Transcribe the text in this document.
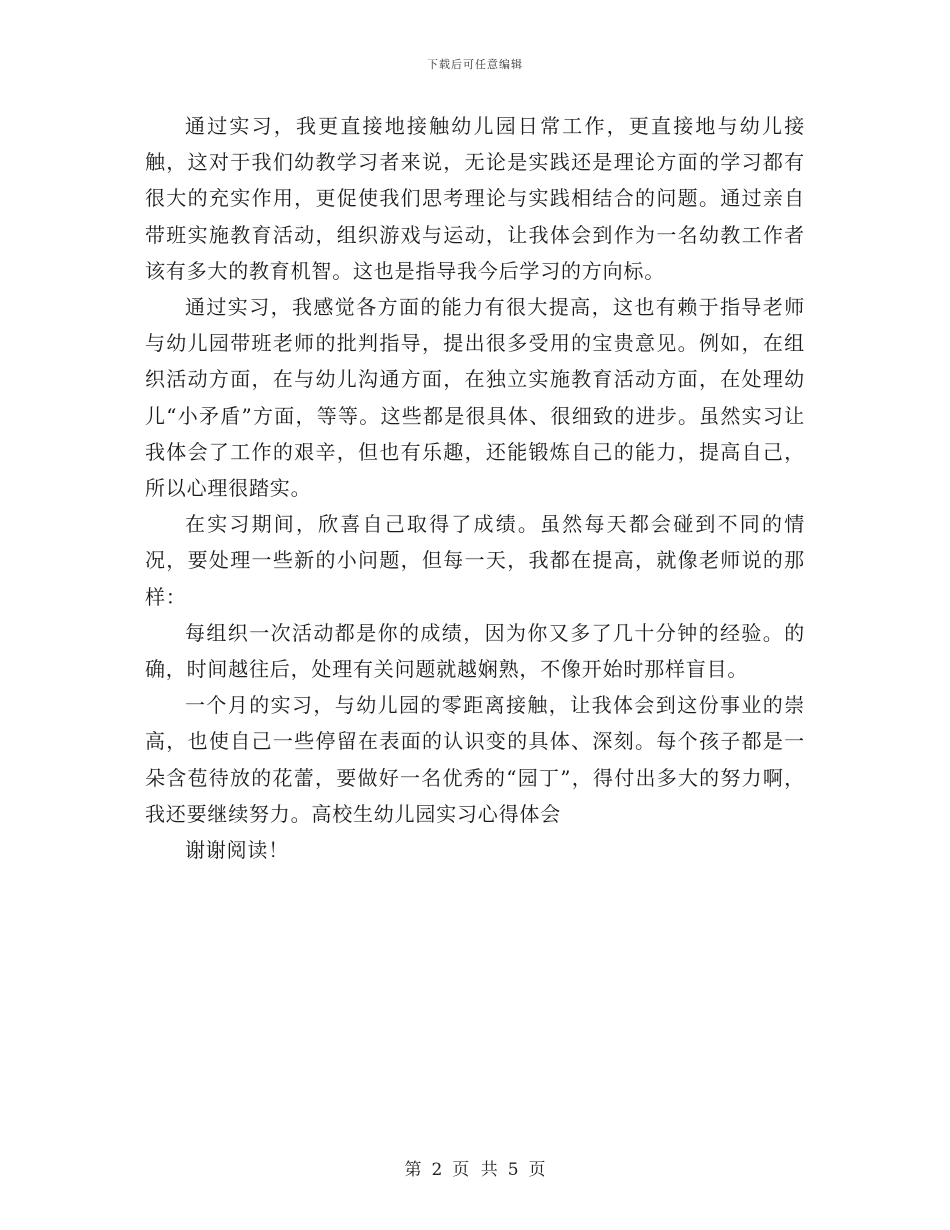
下载后可任意编辑

通过实习，我更直接地接触幼儿园日常工作，更直接地与幼儿接触，这对于我们幼教学习者来说，无论是实践还是理论方面的学习都有很大的充实作用，更促使我们思考理论与实践相结合的问题。通过亲自带班实施教育活动，组织游戏与运动，让我体会到作为一名幼教工作者该有多大的教育机智。这也是指导我今后学习的方向标。

通过实习，我感觉各方面的能力有很大提高，这也有赖于指导老师与幼儿园带班老师的批判指导，提出很多受用的宝贵意见。例如，在组织活动方面，在与幼儿沟通方面，在独立实施教育活动方面，在处理幼儿“小矛盾”方面，等等。这些都是很具体、很细致的进步。虽然实习让我体会了工作的艰辛，但也有乐趣，还能锻炼自己的能力，提高自己，所以心理很踏实。

在实习期间，欣喜自己取得了成绩。虽然每天都会碰到不同的情况，要处理一些新的小问题，但每一天，我都在提高，就像老师说的那样：

每组织一次活动都是你的成绩，因为你又多了几十分钟的经验。的确，时间越往后，处理有关问题就越娴熟，不像开始时那样盲目。

一个月的实习，与幼儿园的零距离接触，让我体会到这份事业的崇高，也使自己一些停留在表面的认识变的具体、深刻。每个孩子都是一朵含苞待放的花蕾，要做好一名优秀的“园丁”，得付出多大的努力啊，我还要继续努力。高校生幼儿园实习心得体会

谢谢阅读！

第 2 页 共 5 页
